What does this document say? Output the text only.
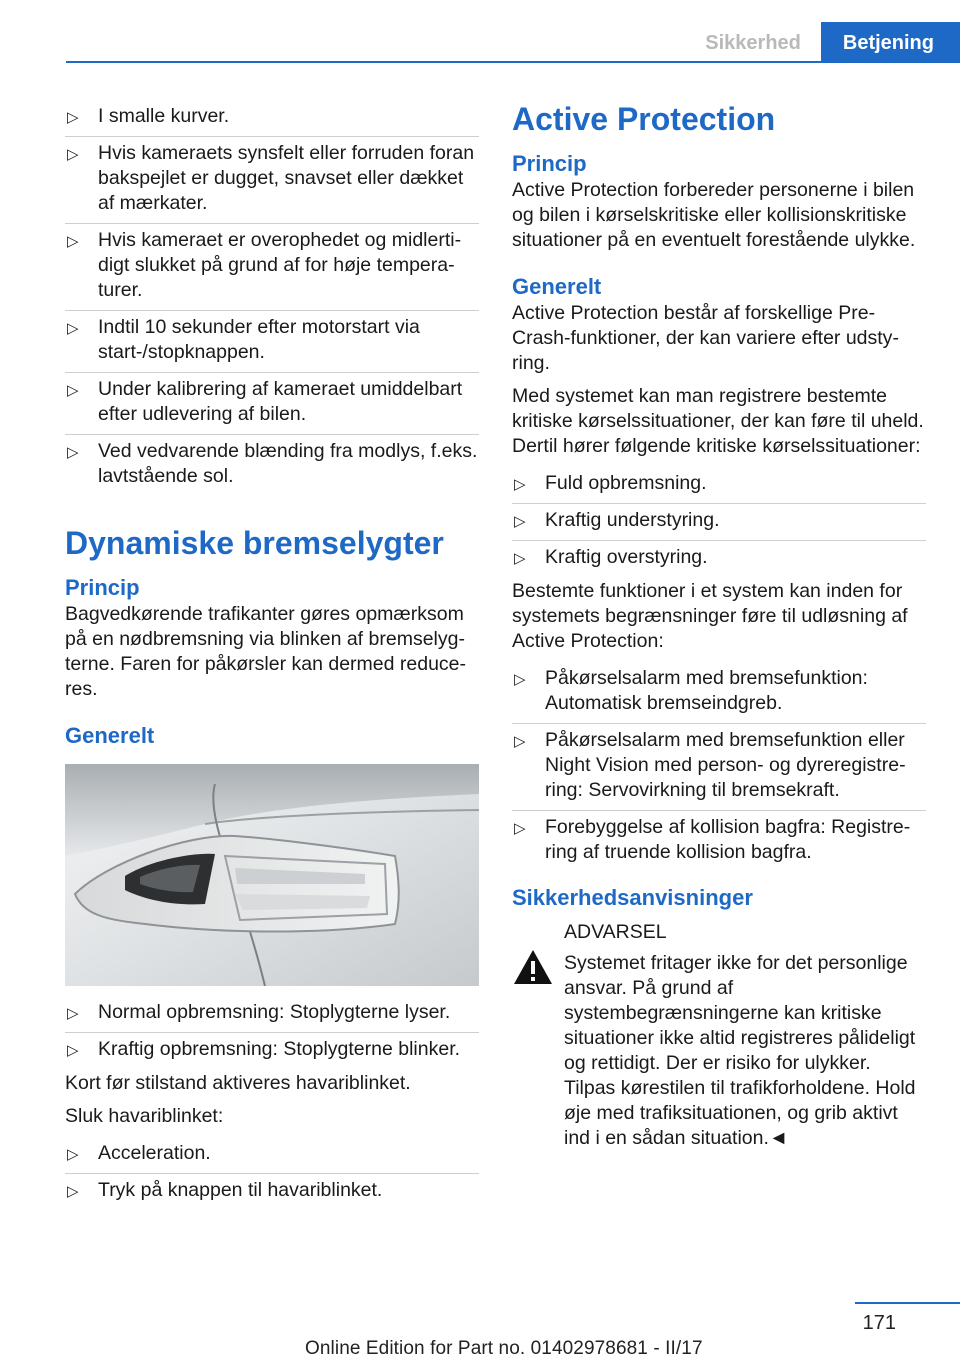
Sikkerhed	Betjening
▷ I smalle kurver.
▷ Hvis kameraets synsfelt eller forruden foran bakspejlet er dugget, snavset eller dækket af mærkater.
▷ Hvis kameraet er overophedet og midlertidigt slukket på grund af for høje temperaturer.
▷ Indtil 10 sekunder efter motorstart via start-/stopknappen.
▷ Under kalibrering af kameraet umiddelbart efter udlevering af bilen.
▷ Ved vedvarende blænding fra modlys, f.eks. lavtstående sol.
Dynamiske bremselygter
Princip

Bagvedkørende trafikanter gøres opmærksom på en nødbremsning via blinken af bremselygterne. Faren for påkørsler kan dermed reduceres.

Generelt
▷ Normal opbremsning: Stoplygterne lyser.
▷ Kraftig opbremsning: Stoplygterne blinker.

Kort før stilstand aktiveres havariblinket.

Sluk havariblinket:

▷ Acceleration.
▷ Tryk på knappen til havariblinket.
Active Protection
Princip

Active Protection forbereder personerne i bilen og bilen i kørselskritiske eller kollisionskritiske situationer på en eventuelt forestående ulykke.

Generelt

Active Protection består af forskellige Pre-Crash-funktioner, der kan variere efter udstyring.

Med systemet kan man registrere bestemte kritiske kørselssituationer, der kan føre til uheld. Dertil hører følgende kritiske kørselssituationer:

▷ Fuld opbremsning.
▷ Kraftig understyring.
▷ Kraftig overstyring.

Bestemte funktioner i et system kan inden for systemets begrænsninger føre til udløsning af Active Protection:

▷ Påkørselsalarm med bremsefunktion: Automatisk bremseindgreb.
▷ Påkørselsalarm med bremsefunktion eller Night Vision med person- og dyreregistrering: Servovirkning til bremsekraft.
▷ Forebyggelse af kollision bagfra: Registrering af truende kollision bagfra.
Sikkerhedsanvisninger
ADVARSEL
Systemet fritager ikke for det personlige ansvar. På grund af systembegrænsningerne kan kritiske situationer ikke altid registreres pålideligt og rettidigt. Der er risiko for ulykker. Tilpas kørestilen til trafikforholdene. Hold øje med trafiksituationen, og grib aktivt ind i en sådan situation.◄
171
Online Edition for Part no. 01402978681 - II/17
